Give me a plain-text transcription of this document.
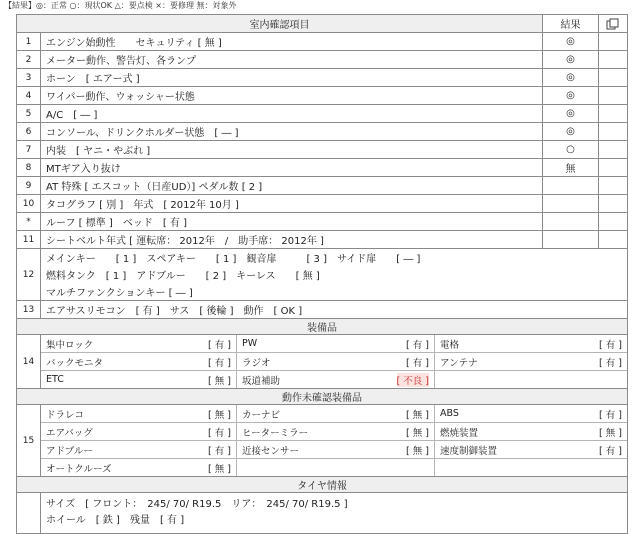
【結果】◎：正常 ○：現状OK △：要点検 ×：要修理 無：対象外
室内確認項目	結果
1	エンジン始動性　　セキュリティ [ 無 ]	◎
2	メーター動作、警告灯、各ランプ	◎
3	ホーン　[ エアー式 ]	◎
4	ワイパー動作、ウォッシャー状態	◎
5	A/C　[ ― ]	◎
6	コンソール、ドリンクホルダー状態　[ ― ]	◎
7	内装　[ ヤニ・やぶれ ]	○
8	MTギア入り抜け	無
9	AT 特殊 [ エスコット（日産UD）] ペダル数 [ 2 ]
10	タコグラフ [ 別 ]　年式　[ 2012年 10月 ]
*	ルーフ [ 標準 ]　ベッド　[ 有 ]
11	シートベルト年式 [ 運転席： 2012年　/　助手席： 2012年 ]
12
メインキー　　[ 1 ]　スペアキー　　[ 1 ]　観音扉　　　[ 3 ]　サイド扉　　[ ― ]
燃料タンク　[ 1 ]　アドブルー　　[ 2 ]　キーレス　　[ 無 ]
マルチファンクションキー [ ― ]
13	エアサスリモコン　[ 有 ]　サス　[ 後輪 ]　動作　[ OK ]
装備品
14
集中ロック	[ 有 ] PW	[ 有 ] 電格	[ 有 ]
バックモニタ	[ 有 ] ラジオ	[ 有 ] アンテナ	[ 有 ]
ETC	[ 無 ] 坂道補助	[ 不良 ]
動作未確認装備品
15
ドラレコ	[ 無 ] カーナビ	[ 無 ] ABS	[ 有 ]
エアバッグ	[ 有 ] ヒーターミラー	[ 無 ] 燃焼装置	[ 無 ]
アドブルー	[ 有 ] 近接センサー	[ 無 ] 速度制御装置	[ 有 ]
オートクルーズ	[ 無 ]
タイヤ情報
サイズ　[ フロント：　245/ 70/ R19.5　リア：　245/ 70/ R19.5 ]
ホイール　[ 鉄 ]　残量　[ 有 ]
